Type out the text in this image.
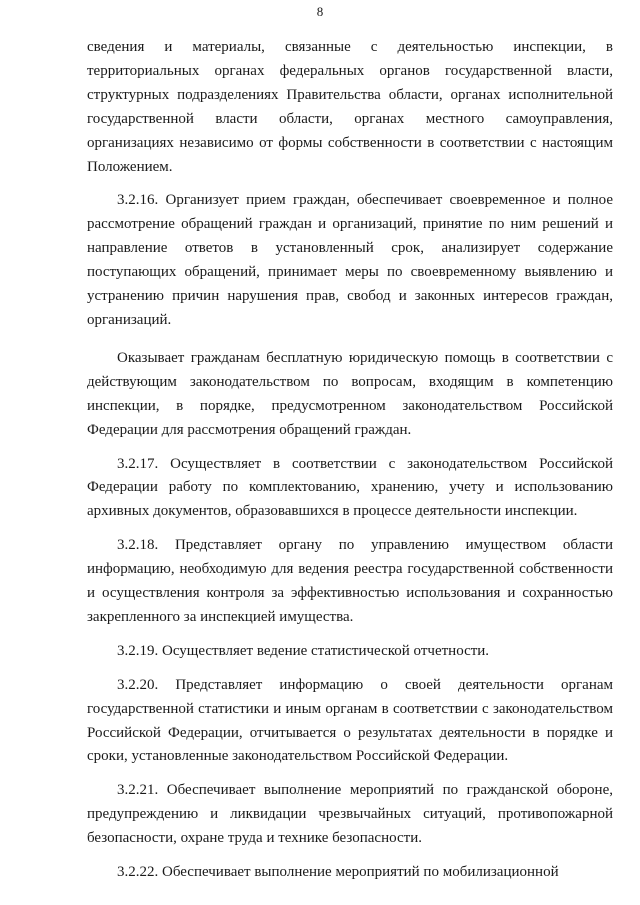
8

сведения и материалы, связанные с деятельностью инспекции, в территориальных органах федеральных органов государственной власти, структурных подразделениях Правительства области, органах исполнительной государственной власти области, органах местного самоуправления, организациях независимо от формы собственности в соответствии с настоящим Положением.

3.2.16. Организует прием граждан, обеспечивает своевременное и полное рассмотрение обращений граждан и организаций, принятие по ним решений и направление ответов в установленный срок, анализирует содержание поступающих обращений, принимает меры по своевременному выявлению и устранению причин нарушения прав, свобод и законных интересов граждан, организаций.

Оказывает гражданам бесплатную юридическую помощь в соответствии с действующим законодательством по вопросам, входящим в компетенцию инспекции, в порядке, предусмотренном законодательством Российской Федерации для рассмотрения обращений граждан.

3.2.17. Осуществляет в соответствии с законодательством Российской Федерации работу по комплектованию, хранению, учету и использованию архивных документов, образовавшихся в процессе деятельности инспекции.

3.2.18. Представляет органу по управлению имуществом области информацию, необходимую для ведения реестра государственной собственности и осуществления контроля за эффективностью использования и сохранностью закрепленного за инспекцией имущества.

3.2.19. Осуществляет ведение статистической отчетности.

3.2.20. Представляет информацию о своей деятельности органам государственной статистики и иным органам в соответствии с законодательством Российской Федерации, отчитывается о результатах деятельности в порядке и сроки, установленные законодательством Российской Федерации.

3.2.21. Обеспечивает выполнение мероприятий по гражданской обороне, предупреждению и ликвидации чрезвычайных ситуаций, противопожарной безопасности, охране труда и технике безопасности.

3.2.22. Обеспечивает выполнение мероприятий по мобилизационной
